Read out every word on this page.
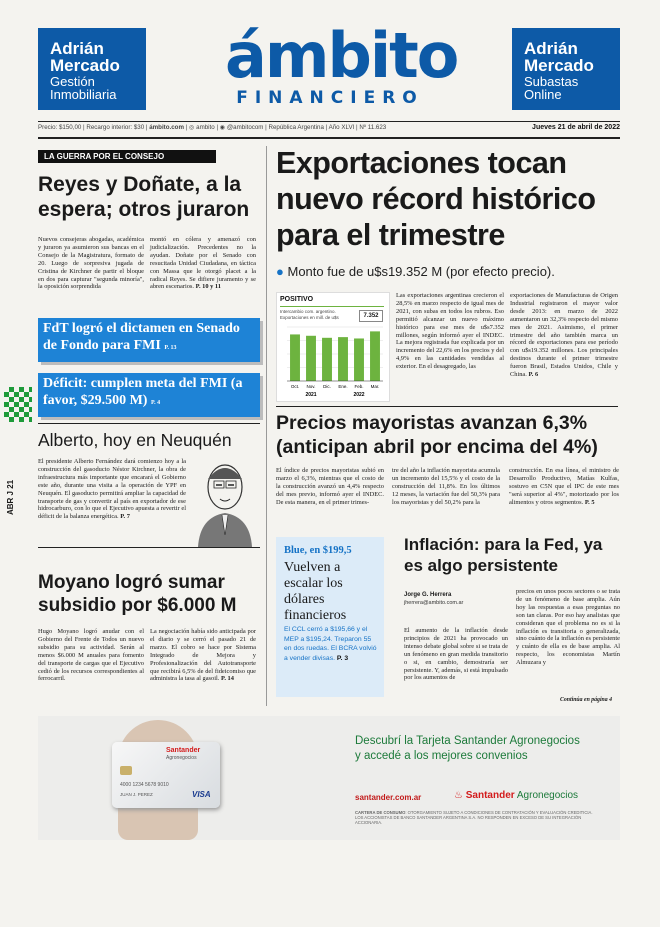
Adrián Mercado
Gestión
Inmobiliaria
ámbito
FINANCIERO
Adrián Mercado
Subastas
Online
Precio: $150,00 | Recargo interior: $30 | ámbito.com | ◎ ambito | ◉ @ambitocom | República Argentina | Año XLVI | Nº 11.623	Jueves 21 de abril de 2022
LA GUERRA POR EL CONSEJO
Reyes y Doñate, a la espera; otros juraron
Nuevos consejeras abogadas, académica y juraron ya asumieron sus bancas en el Consejo de la Magistratura, formato de 20. Luego de sorpresiva jugada de Cristina de Kirchner de partir el bloque en dos para capturar "segunda minoría", la oposición sorprendida
montó en cólera y amenazó con judicialización. Precedentes no la ayudan. Doñate por el Senado con resucitada Unidad Ciudadana, en táctica con Massa que le otorgó placet a la radical Reyes. Se difiere juramento y se abren escenarios. P. 10 y 11
FdT logró el dictamen en Senado de Fondo para FMI P. 13
Déficit: cumplen meta del FMI (a favor, $29.500 M) P. 4
ABR J 21
Alberto, hoy en Neuquén
El presidente Alberto Fernández dará comienzo hoy a la construcción del gasoducto Néstor Kirchner, la obra de infraestructura más importante que encarará el Gobierno este año, durante una visita a la operación de YPF en Neuquén. El gasoducto permitirá ampliar la capacidad de transporte de gas y convertir al país en exportador de ese hidrocarburo, con lo que el Ejecutivo apuesta a revertir el déficit de la balanza energética. P. 7
Moyano logró sumar subsidio por $6.000 M
Hugo Moyano logró anudar con el Gobierno del Frente de Todos un nuevo subsidio para su actividad. Serán al menos $6.000 M anuales para fomento del transporte de cargas que el Ejecutivo cedió de los recursos correspondientes al ferrocarril.
La negociación había sido anticipada por el diario y se cerró el pasado 21 de marzo. El cobro se hace por Sistema Integrado de Mejora y Profesionalización del Autotransporte que recibirá 6,5% de del fideicomiso que administra la tasa al gasoil. P. 14
Exportaciones tocan nuevo récord histórico para el trimestre
● Monto fue de u$s19.352 M (por efecto precio).
POSITIVO
Intercambio com. argentino. Exportaciones en mill. de u$s	7.352
Oct. Nov. Dic. Ene. Feb. Mar.
2021	2022
Las exportaciones argentinas crecieron el 28,5% en marzo respecto de igual mes de 2021, con subas en todos los rubros. Eso permitió alcanzar un nuevo máximo histórico para ese mes de u$s7.352 millones, según informó ayer el INDEC. La mejora registrada fue explicada por un incremento del 22,6% en los precios y del 4,9% en las cantidades vendidas al exterior. En el desagregado, las
exportaciones de Manufacturas de Origen Industrial registraron el mayor valor desde 2013: en marzo de 2022 aumentaron un 32,3% respecto del mismo mes de 2021. Asimismo, el primer trimestre del año también marca un récord de exportaciones para ese período con u$s19.352 millones. Los principales destinos durante el primer trimestre fueron Brasil, Estados Unidos, Chile y China. P. 6
Precios mayoristas avanzan 6,3% (anticipan abril por encima del 4%)
El índice de precios mayoristas subió en marzo el 6,3%, mientras que el costo de la construcción avanzó un 4,4% respecto del mes previo, informó ayer el INDEC. De esta manera, en el primer trimes-
tre del año la inflación mayorista acumula un incremento del 15,5% y el costo de la construcción del 11,8%. En los últimos 12 meses, la variación fue del 50,3% para los mayoristas y del 50,2% para la
construcción. En esa línea, el ministro de Desarrollo Productivo, Matías Kulfas, sostuvo en C5N que el IPC de este mes "será superior al 4%", motorizado por los alimentos y otros segmentos. P. 5
Blue, en $199,5
Vuelven a escalar los dólares financieros
El CCL cerró a $195,66 y el MEP a $195,24. Treparon 55 en dos ruedas. El BCRA volvió a vender divisas. P. 3
Inflación: para la Fed, ya es algo persistente
Jorge G. Herrera
jherrera@ambito.com.ar
El aumento de la inflación desde principios de 2021 ha provocado un intenso debate global sobre si se trata de un fenómeno en gran medida transitorio o si, en cambio, demostraría ser persistente. Y, además, si está impulsado por los aumentos de
precios en unos pocos sectores o se trata de un fenómeno de base amplia. Aún hoy las respuestas a esas preguntas no son tan claras. Por eso hay analistas que consideran que el problema no es si la inflación es transitoria o generalizada, sino cuánto de la inflación es persistente y cuánto de ella es de base amplia. Al respecto, los economistas Martín Almuzara y
Continúa en página 4
Santander
Agronegocios
4000 1234 5678 9010
JUAN J. PEREZ	VISA
Descubrí la Tarjeta Santander Agronegocios
y accedé a los mejores convenios
santander.com.ar	♨ Santander Agronegocios
CARTERA DE CONSUMO: OTORGAMIENTO SUJETO A CONDICIONES DE CONTRATACIÓN Y EVALUACIÓN CREDITICIA. LOS ACCIONISTAS DE BANCO SANTANDER ARGENTINA S.A. NO RESPONDEN EN EXCESO DE SU INTEGRACIÓN ACCIONARIA.
